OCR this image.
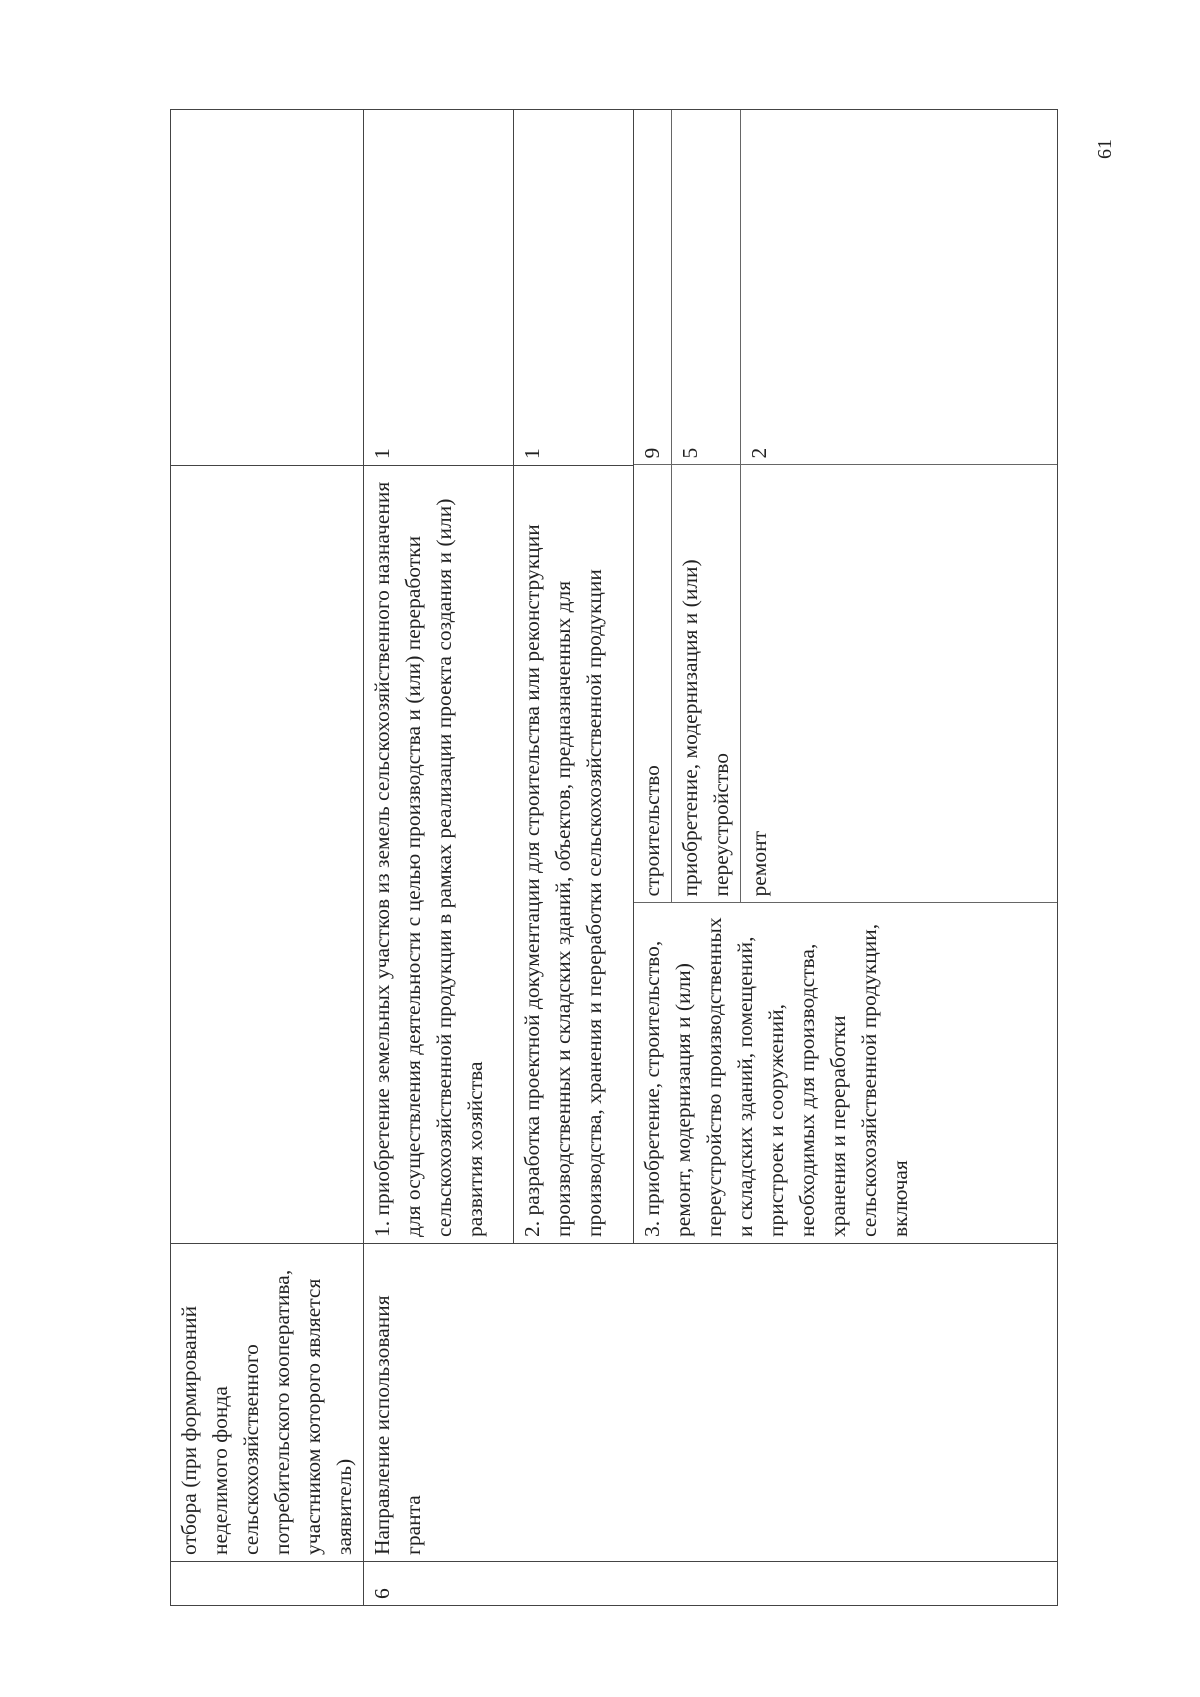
61
	отбора (при формирований неделимого фонда сельскохозяйственного потребительского кооператива, участником которого является заявитель)		
6	Направление использования гранта	1. приобретение земельных участков из земель сельскохозяйственного назначения для осуществления деятельности с целью производства и (или) переработки сельскохозяйственной продукции в рамках реализации проекта создания и (или) развития хозяйства	1
2. разработка проектной документации для строительства или реконструкции производственных и складских зданий, объектов, предназначенных для производства, хранения и переработки сельскохозяйственной продукции	1

3. приобретение, строительство, ремонт, модернизация и (или) переустройство производственных и складских зданий, помещений, пристроек и сооружений, необходимых для производства, хранения и переработки сельскохозяйственной продукции, включая	строительство	9
приобретение, модернизация и (или) переустройство	5
ремонт	2
